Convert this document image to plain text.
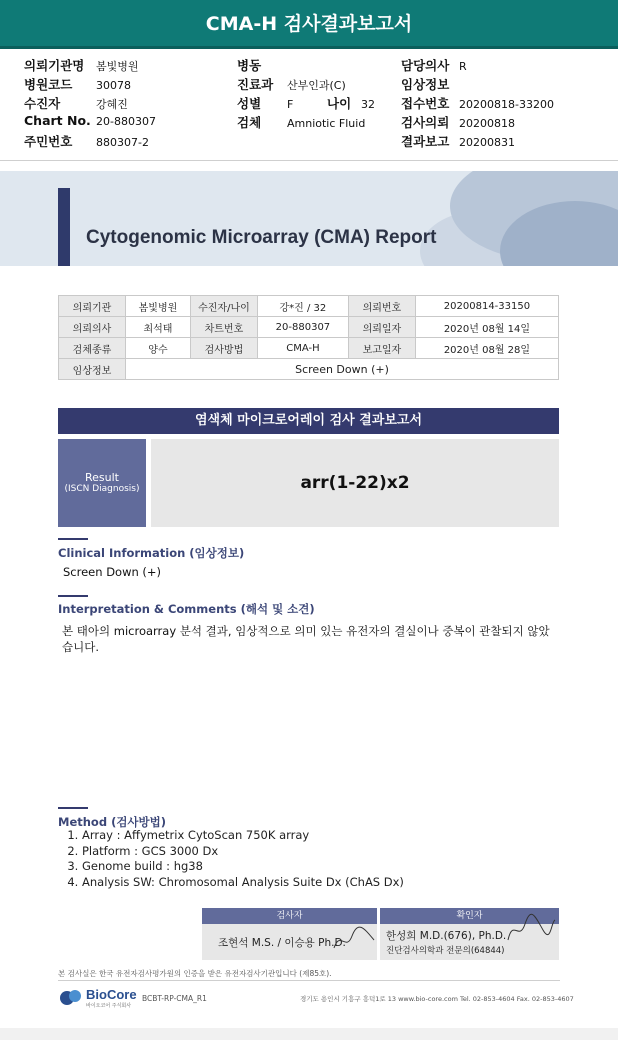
CMA-H 검사결과보고서
의뢰기관명 봄빛병원
병원코드 30078
수진자	강혜진
Chart No. 20-880307
주민번호 880307-2
병동
진료과 산부인과(C)
성별 F	나이 32
검체 Amniotic Fluid
담당의사 R
임상정보
접수번호 20200818-33200
검사의뢰 20200818
결과보고 20200831
Cytogenomic Microarray (CMA) Report
의뢰기관	봄빛병원	수진자/나이	강*진 / 32	의뢰번호	20200814-33150
의뢰의사	최석태	차트번호	20-880307	의뢰일자	2020년 08월 14일
검체종류	양수	검사방법	CMA-H	보고일자	2020년 08월 28일
임상정보	Screen Down (+)				
염색체 마이크로어레이 검사 결과보고서
Result
(ISCN Diagnosis)	arr(1-22)x2
Clinical Information (임상정보)
Screen Down (+)
Interpretation & Comments (해석 및 소견)
본 태아의 microarray 분석 결과, 임상적으로 의미 있는 유전자의 결실이나 중복이 관찰되지 않았
습니다.
Method (검사방법)
1. Array : Affymetrix CytoScan 750K array
2. Platform : GCS 3000 Dx
3. Genome build : hg38
4. Analysis SW: Chromosomal Analysis Suite Dx (ChAS Dx)
검사자	확인자
조현석 M.S. / 이승용 Ph.D.
한성희 M.D.(676), Ph.D.
진단검사의학과 전문의(64844)
본 검사실은 한국 유전자검사평가원의 인증을 받은 유전자검사기관입니다 (제85호).
BioCore
바이오코어 주식회사
BCBT-RP-CMA_R1	경기도 용인시 기흥구 흥덕1로 13 www.bio-core.com Tel. 02-853-4604 Fax. 02-853-4607
